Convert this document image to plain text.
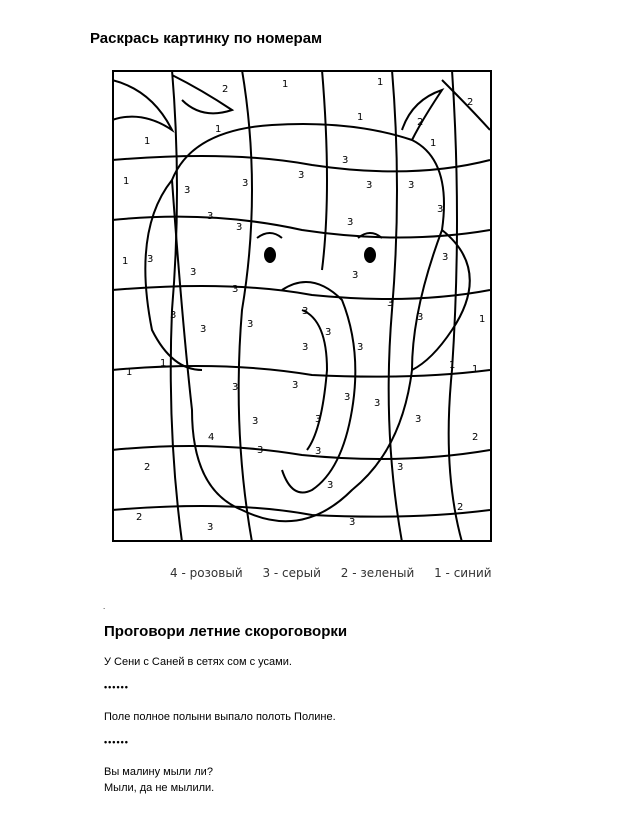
Раскрась картинку по номерам
1	1
2
2
1
1
2
1	1
3
3
1
3
3	3	3
3
3
3
3
1 3	3
3	3
3
3
3
3	1
3
3	3
3
3	3
1
1
1 1
3	3
3
3
3
4
3	3
2
3	3
2	3
3
2
2
3	3
4 - розовый 3 - серый 2 - зеленый 1 - синий
.
Проговори летние скороговорки
У Сени с Саней в сетях сом с усами.
••••••
Поле полное полыни выпало полоть Полине.
••••••
Вы малину мыли ли?
Мыли, да не мылили.
